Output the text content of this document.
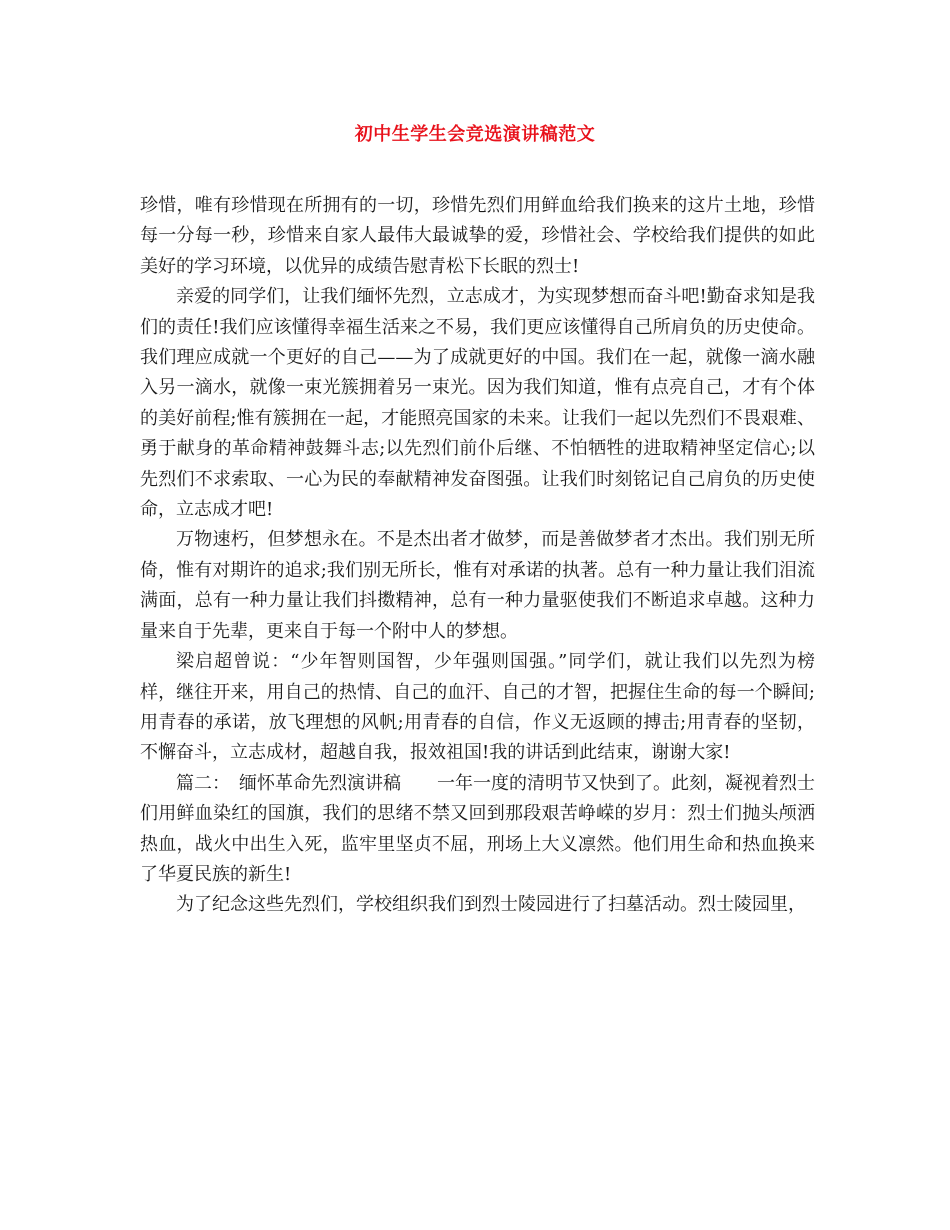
初中生学生会竞选演讲稿范文

珍惜，唯有珍惜现在所拥有的一切，珍惜先烈们用鲜血给我们换来的这片土地，珍惜每一分每一秒，珍惜来自家人最伟大最诚挚的爱，珍惜社会、学校给我们提供的如此美好的学习环境，以优异的成绩告慰青松下长眠的烈士!

亲爱的同学们，让我们缅怀先烈，立志成才，为实现梦想而奋斗吧!勤奋求知是我们的责任!我们应该懂得幸福生活来之不易，我们更应该懂得自己所肩负的历史使命。我们理应成就一个更好的自己——为了成就更好的中国。我们在一起，就像一滴水融入另一滴水，就像一束光簇拥着另一束光。因为我们知道，惟有点亮自己，才有个体的美好前程;惟有簇拥在一起，才能照亮国家的未来。让我们一起以先烈们不畏艰难、勇于献身的革命精神鼓舞斗志;以先烈们前仆后继、不怕牺牲的进取精神坚定信心;以先烈们不求索取、一心为民的奉献精神发奋图强。让我们时刻铭记自己肩负的历史使命，立志成才吧!

万物速朽，但梦想永在。不是杰出者才做梦，而是善做梦者才杰出。我们别无所倚，惟有对期许的追求;我们别无所长，惟有对承诺的执著。总有一种力量让我们泪流满面，总有一种力量让我们抖擞精神，总有一种力量驱使我们不断追求卓越。这种力量来自于先辈，更来自于每一个附中人的梦想。

梁启超曾说：“少年智则国智，少年强则国强。”同学们，就让我们以先烈为榜样，继往开来，用自己的热情、自己的血汗、自己的才智，把握住生命的每一个瞬间;用青春的承诺，放飞理想的风帆;用青春的自信，作义无返顾的搏击;用青春的坚韧，不懈奋斗，立志成材，超越自我，报效祖国!我的讲话到此结束，谢谢大家!

篇二：　缅怀革命先烈演讲稿　　一年一度的清明节又快到了。此刻，凝视着烈士们用鲜血染红的国旗，我们的思绪不禁又回到那段艰苦峥嵘的岁月：烈士们抛头颅洒热血，战火中出生入死，监牢里坚贞不屈，刑场上大义凛然。他们用生命和热血换来了华夏民族的新生!

为了纪念这些先烈们，学校组织我们到烈士陵园进行了扫墓活动。烈士陵园里，
